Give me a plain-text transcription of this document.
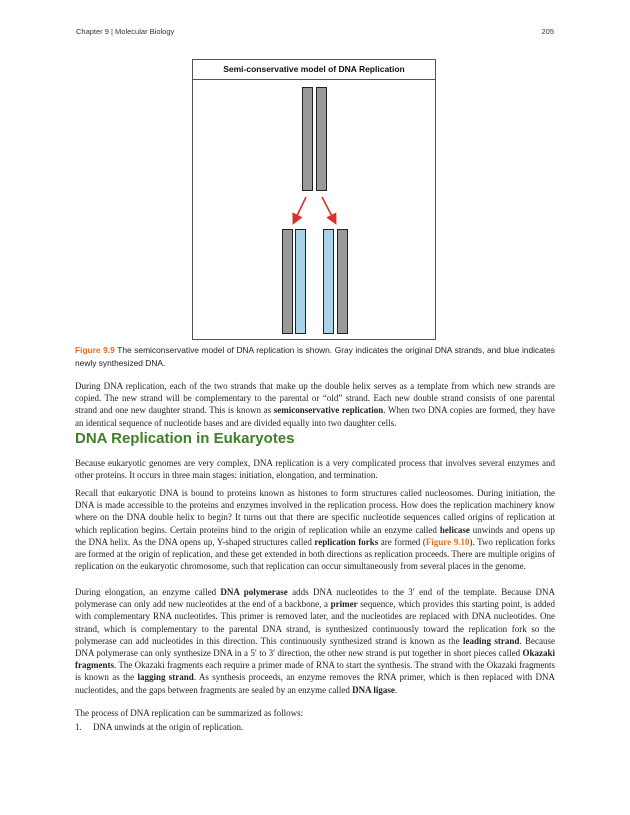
Chapter 9 | Molecular Biology	205
Semi-conservative model of DNA Replication
Figure 9.9 The semiconservative model of DNA replication is shown. Gray indicates the original DNA strands, and blue indicates newly synthesized DNA.

During DNA replication, each of the two strands that make up the double helix serves as a template from which new strands are copied. The new strand will be complementary to the parental or “old” strand. Each new double strand consists of one parental strand and one new daughter strand. This is known as semiconservative replication. When two DNA copies are formed, they have an identical sequence of nucleotide bases and are divided equally into two daughter cells.

DNA Replication in Eukaryotes

Because eukaryotic genomes are very complex, DNA replication is a very complicated process that involves several enzymes and other proteins. It occurs in three main stages: initiation, elongation, and termination.

Recall that eukaryotic DNA is bound to proteins known as histones to form structures called nucleosomes. During initiation, the DNA is made accessible to the proteins and enzymes involved in the replication process. How does the replication machinery know where on the DNA double helix to begin? It turns out that there are specific nucleotide sequences called origins of replication at which replication begins. Certain proteins bind to the origin of replication while an enzyme called helicase unwinds and opens up the DNA helix. As the DNA opens up, Y-shaped structures called replication forks are formed (Figure 9.10). Two replication forks are formed at the origin of replication, and these get extended in both directions as replication proceeds. There are multiple origins of replication on the eukaryotic chromosome, such that replication can occur simultaneously from several places in the genome.

During elongation, an enzyme called DNA polymerase adds DNA nucleotides to the 3′ end of the template. Because DNA polymerase can only add new nucleotides at the end of a backbone, a primer sequence, which provides this starting point, is added with complementary RNA nucleotides. This primer is removed later, and the nucleotides are replaced with DNA nucleotides. One strand, which is complementary to the parental DNA strand, is synthesized continuously toward the replication fork so the polymerase can add nucleotides in this direction. This continuously synthesized strand is known as the leading strand. Because DNA polymerase can only synthesize DNA in a 5′ to 3′ direction, the other new strand is put together in short pieces called Okazaki fragments. The Okazaki fragments each require a primer made of RNA to start the synthesis. The strand with the Okazaki fragments is known as the lagging strand. As synthesis proceeds, an enzyme removes the RNA primer, which is then replaced with DNA nucleotides, and the gaps between fragments are sealed by an enzyme called DNA ligase.

The process of DNA replication can be summarized as follows:

1. DNA unwinds at the origin of replication.
